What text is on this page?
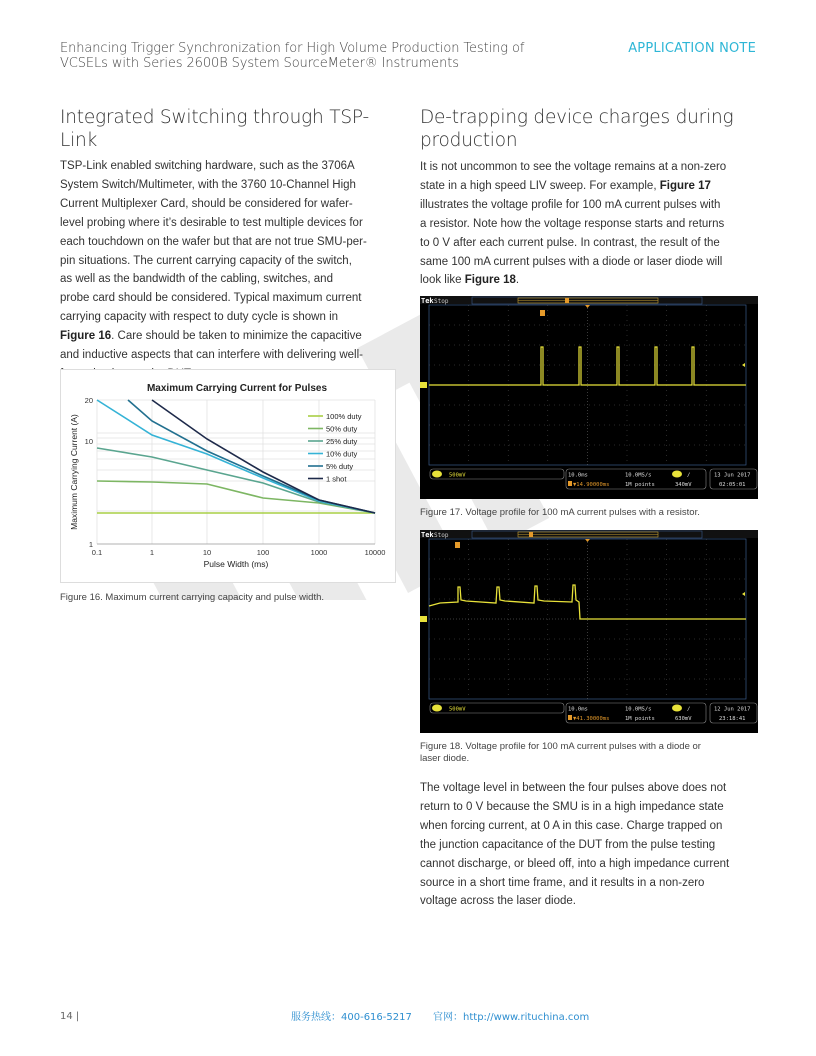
Enhancing Trigger Synchronization for High Volume Production Testing of
VCSELs with Series 2600B System SourceMeter® Instruments
APPLICATION NOTE
Integrated Switching through TSP-Link
TSP-Link enabled switching hardware, such as the 3706A
System Switch/Multimeter, with the 3760 10-Channel High
Current Multiplexer Card, should be considered for wafer-
level probing where it’s desirable to test multiple devices for
each touchdown on the wafer but that are not true SMU-per-
pin situations. The current carrying capacity of the switch,
as well as the bandwidth of the cabling, switches, and
probe card should be considered. Typical maximum current
carrying capacity with respect to duty cycle is shown in
Figure 16. Care should be taken to minimize the capacitive
and inductive aspects that can interfere with delivering well-
Maximum Carrying Current for Pulses
20
10
1
0.1	1	10	100	1000	10000
Pulse Width (ms)
Maximum Carrying Current (A)	100% duty
50% duty
25% duty
10% duty
5% duty
1 shot
Figure 16. Maximum current carrying capacity and pulse width.
De-trapping device charges during
production
It is not uncommon to see the voltage remains at a non-zero
state in a high speed LIV sweep. For example, Figure 17
illustrates the voltage profile for 100 mA current pulses with
a resistor. Note how the voltage response starts and returns
to 0 V after each current pulse. In contrast, the result of the
same 100 mA current pulses with a diode or laser diode will
look like Figure 18.
Tek Stop
500mV	10.0ms
▼14.90000ms
10.0MS/s
1M points
/
340mV
13 Jun 2017
02:05:01
Figure 17. Voltage profile for 100 mA current pulses with a resistor.
Tek Stop
500mV	10.0ms
▼41.30000ms
10.0MS/s
1M points
/
630mV
12 Jun 2017
23:18:41
Figure 18. Voltage profile for 100 mA current pulses with a diode or
laser diode.
The voltage level in between the four pulses above does not
return to 0 V because the SMU is in a high impedance state
when forcing current, at 0 A in this case. Charge trapped on
the junction capacitance of the DUT from the pulse testing
cannot discharge, or bleed off, into a high impedance current
source in a short time frame, and it results in a non-zero
voltage across the laser diode.
14 |	服务热线：400-616-5217 官网：http://www.rituchina.com
